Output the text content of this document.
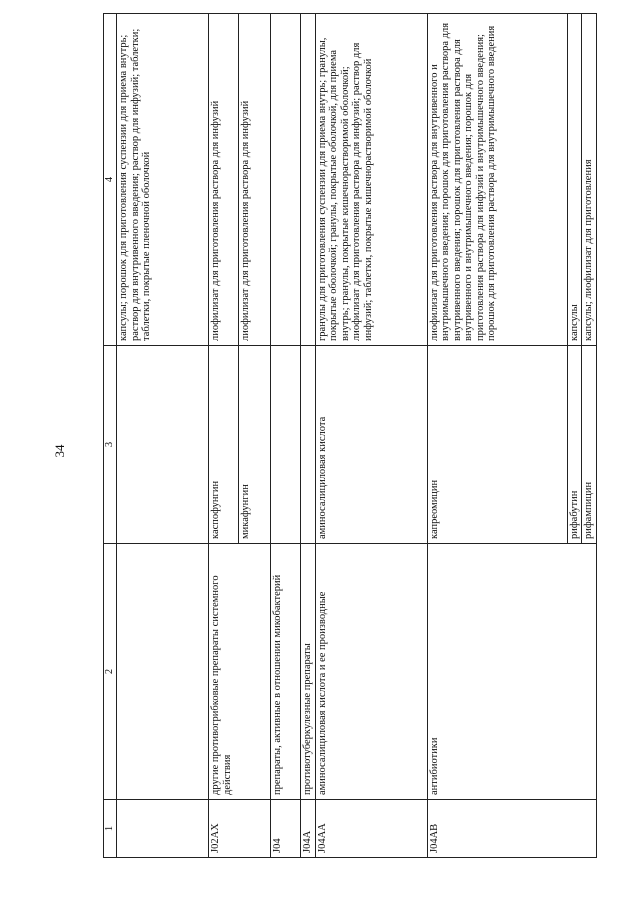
34
1	2	3	4
			капсулы; порошок для приготовления суспензии для приема внутрь; раствор для внутривенного введения; раствор для инфузий; таблетки; таблетки, покрытые пленочной оболочкой
J02AX	другие противогрибковые препараты системного действия	каспофунгин	лиофилизат для приготовления раствора для инфузий
		микафунгин	лиофилизат для приготовления раствора для инфузий
J04	препараты, активные в отношении микобактерий		
J04A	противотуберкулезные препараты		
J04AA	аминосалициловая кислота и ее производные	аминосалициловая кислота	гранулы для приготовления суспензии для приема внутрь; гранулы, покрытые оболочкой; гранулы, покрытые оболочкой, для приема внутрь; гранулы, покрытые кишечнорастворимой оболочкой; лиофилизат для приготовления раствора для инфузий; раствор для инфузий; таблетки, покрытые кишечнорастворимой оболочкой
J04AB	антибиотики	капреомицин	лиофилизат для приготовления раствора для внутривенного и внутримышечного введения; порошок для приготовления раствора для внутривенного введения; порошок для приготовления раствора для внутривенного и внутримышечного введения; порошок для приготовления раствора для инфузий и внутримышечного введения; порошок для приготовления раствора для внутримышечного введения
		рифабутин	капсулы
		рифампицин	капсулы; лиофилизат для приготовления
